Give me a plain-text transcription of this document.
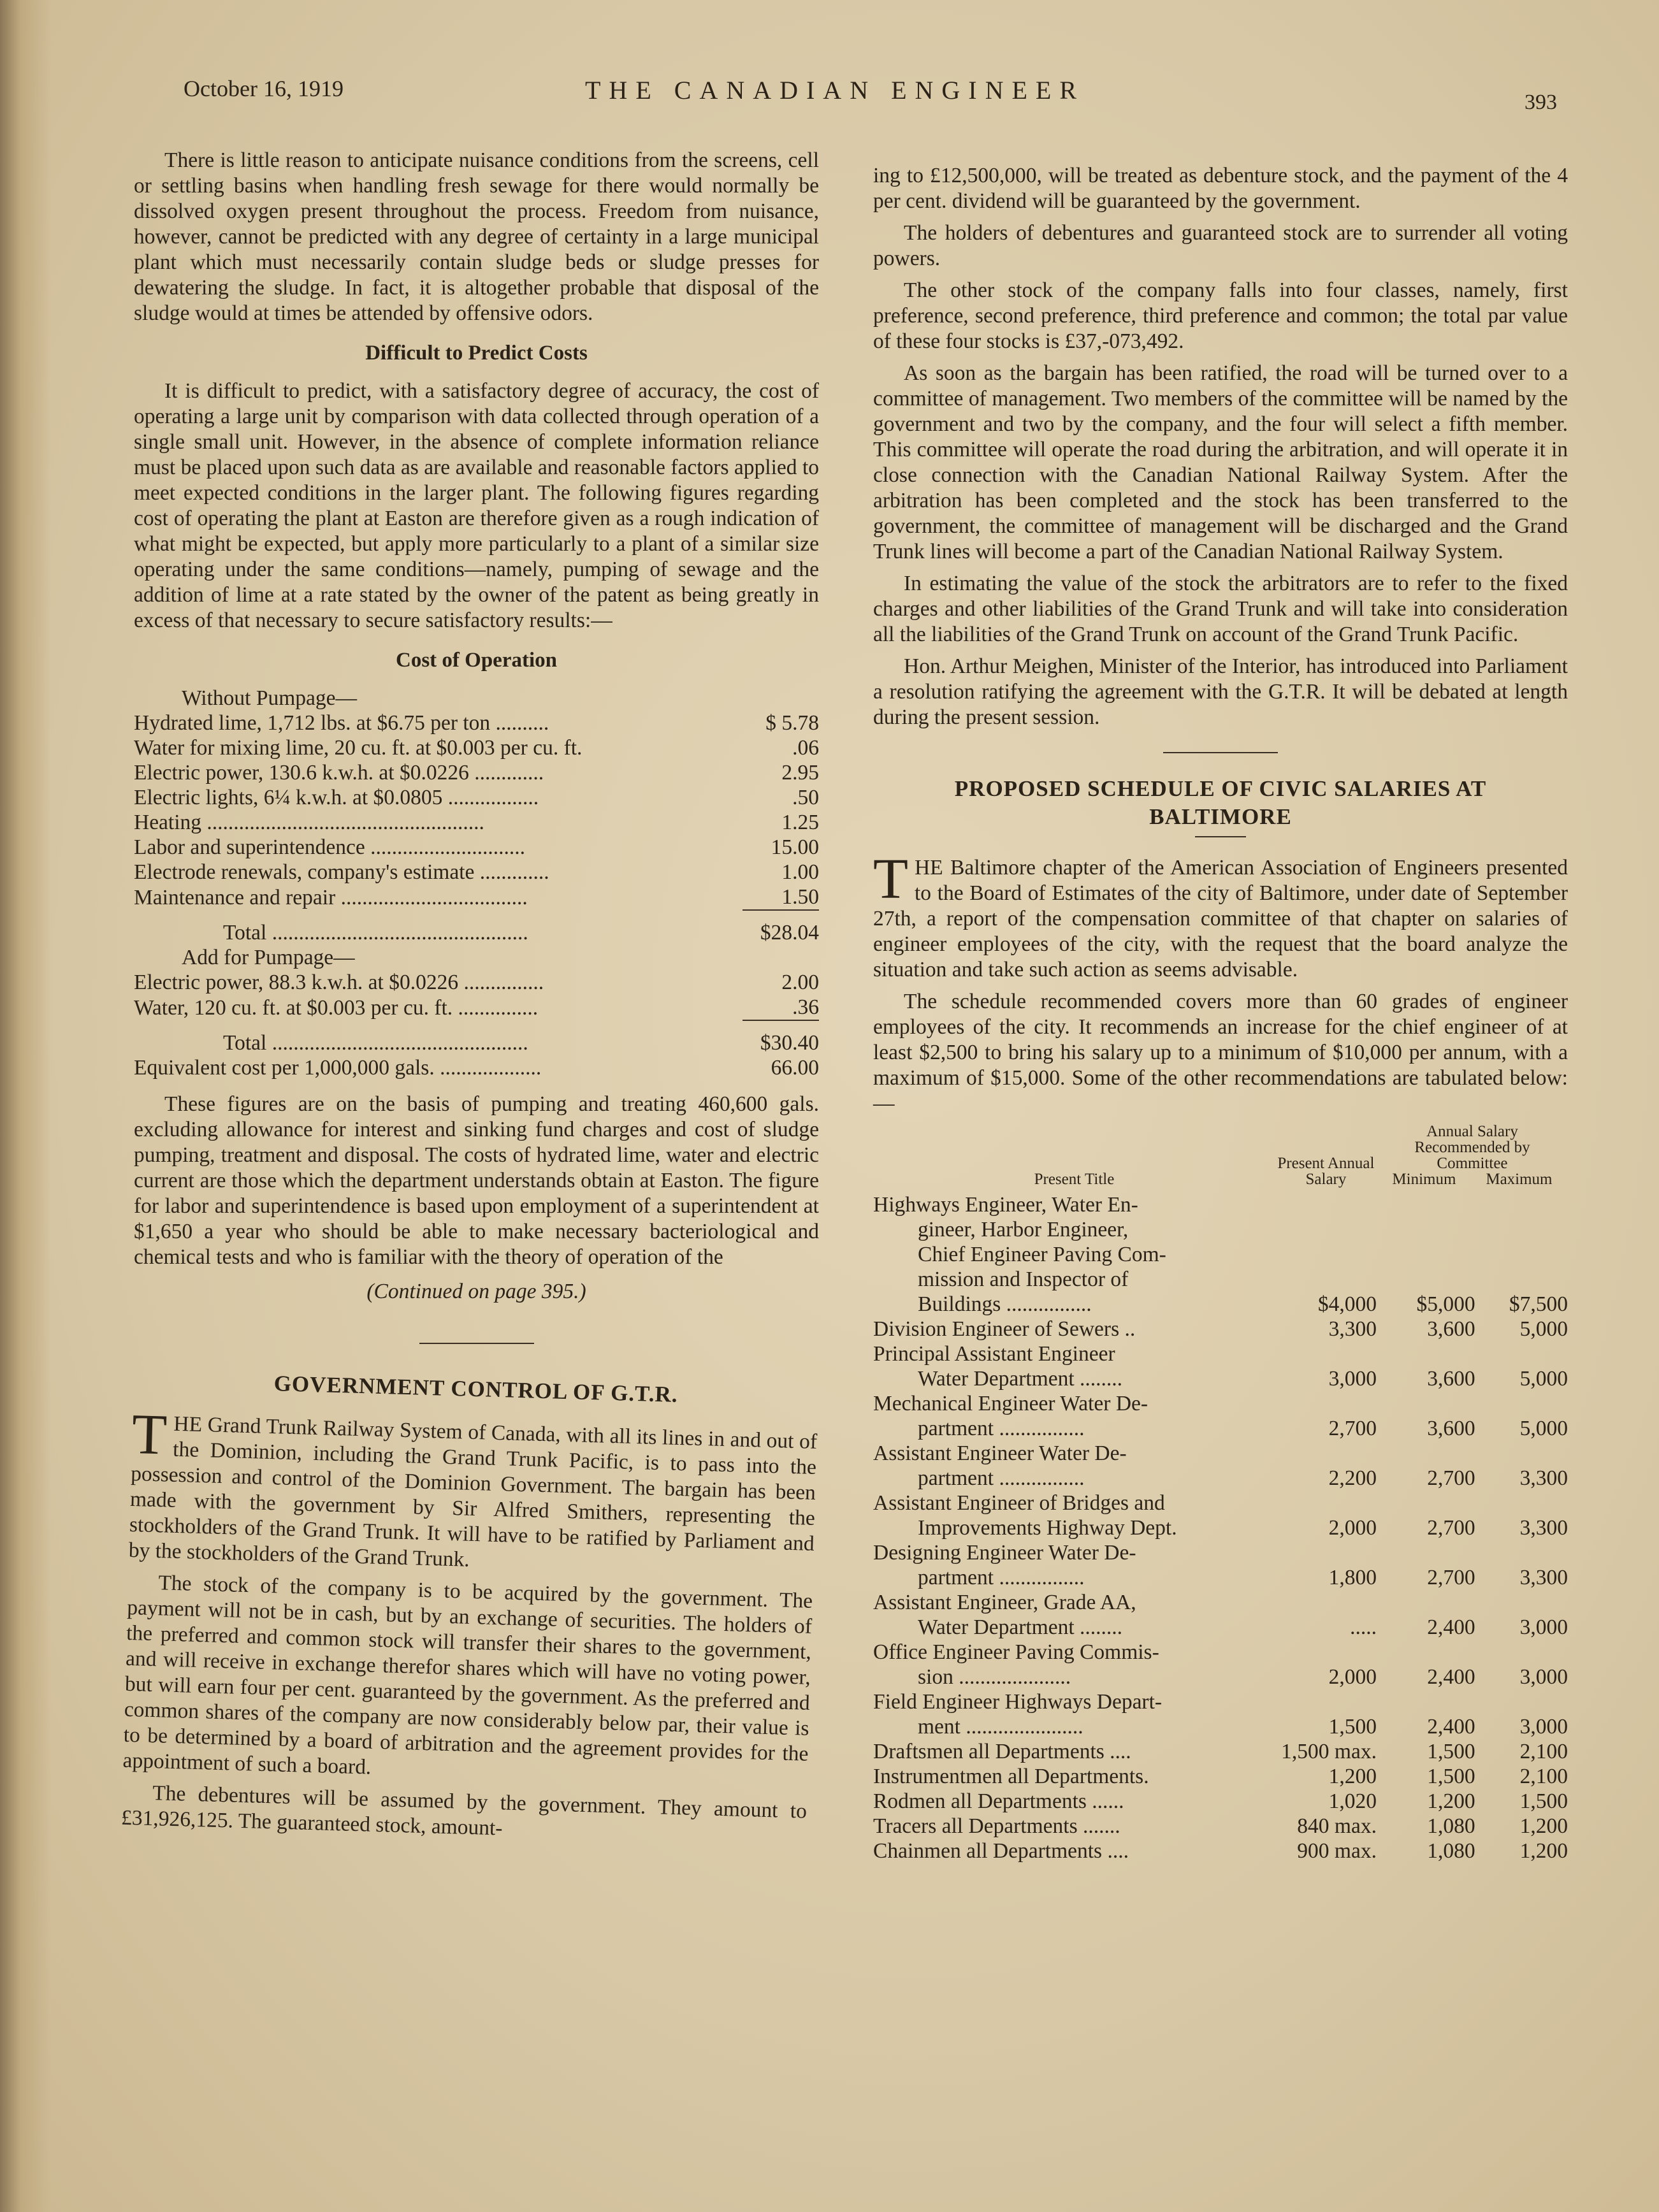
October 16, 1919	THE CANADIAN ENGINEER	393

There is little reason to anticipate nuisance conditions from the screens, cell or settling basins when handling fresh sewage for there would normally be dissolved oxygen present throughout the process. Freedom from nuisance, however, cannot be predicted with any degree of certainty in a large municipal plant which must necessarily contain sludge beds or sludge presses for dewatering the sludge. In fact, it is altogether probable that disposal of the sludge would at times be attended by offensive odors.

Difficult to Predict Costs

It is difficult to predict, with a satisfactory degree of accuracy, the cost of operating a large unit by comparison with data collected through operation of a single small unit. However, in the absence of complete information reliance must be placed upon such data as are available and reasonable factors applied to meet expected conditions in the larger plant. The following figures regarding cost of operating the plant at Easton are therefore given as a rough indication of what might be expected, but apply more particularly to a plant of a similar size operating under the same conditions—namely, pumping of sewage and the addition of lime at a rate stated by the owner of the patent as being greatly in excess of that necessary to secure satisfactory results:—

Cost of Operation
Without Pumpage—	
Hydrated lime, 1,712 lbs. at $6.75 per ton ..........	$ 5.78
Water for mixing lime, 20 cu. ft. at $0.003 per cu. ft.	.06
Electric power, 130.6 k.w.h. at $0.0226 .............	2.95
Electric lights, 6¼ k.w.h. at $0.0805 .................	.50
Heating ....................................................	1.25
Labor and superintendence .............................	15.00
Electrode renewals, company's estimate .............	1.00
Maintenance and repair ...................................	1.50
Total ................................................	$28.04
Add for Pumpage—	
Electric power, 88.3 k.w.h. at $0.0226 ...............	2.00
Water, 120 cu. ft. at $0.003 per cu. ft. ...............	.36
Total ................................................	$30.40
Equivalent cost per 1,000,000 gals. ...................	66.00

These figures are on the basis of pumping and treating 460,600 gals. excluding allowance for interest and sinking fund charges and cost of sludge pumping, treatment and disposal. The costs of hydrated lime, water and electric current are those which the department understands obtain at Easton. The figure for labor and superintendence is based upon employment of a superintendent at $1,650 a year who should be able to make necessary bacteriological and chemical tests and who is familiar with the theory of operation of the

(Continued on page 395.)
GOVERNMENT CONTROL OF G.T.R.

THE Grand Trunk Railway System of Canada, with all its lines in and out of the Dominion, including the Grand Trunk Pacific, is to pass into the possession and control of the Dominion Government. The bargain has been made with the government by Sir Alfred Smithers, representing the stockholders of the Grand Trunk. It will have to be ratified by Parliament and by the stockholders of the Grand Trunk.

The stock of the company is to be acquired by the government. The payment will not be in cash, but by an exchange of securities. The holders of the preferred and common stock will transfer their shares to the government, and will receive in exchange therefor shares which will have no voting power, but will earn four per cent. guaranteed by the government. As the preferred and common shares of the company are now considerably below par, their value is to be determined by a board of arbitration and the agreement provides for the appointment of such a board.

The debentures will be assumed by the government. They amount to £31,926,125. The guaranteed stock, amount-

ing to £12,500,000, will be treated as debenture stock, and the payment of the 4 per cent. dividend will be guaranteed by the government.

The holders of debentures and guaranteed stock are to surrender all voting powers.

The other stock of the company falls into four classes, namely, first preference, second preference, third preference and common; the total par value of these four stocks is £37,-073,492.

As soon as the bargain has been ratified, the road will be turned over to a committee of management. Two members of the committee will be named by the government and two by the company, and the four will select a fifth member. This committee will operate the road during the arbitration, and will operate it in close connection with the Canadian National Railway System. After the arbitration has been completed and the stock has been transferred to the government, the committee of management will be discharged and the Grand Trunk lines will become a part of the Canadian National Railway System.

In estimating the value of the stock the arbitrators are to refer to the fixed charges and other liabilities of the Grand Trunk and will take into consideration all the liabilities of the Grand Trunk on account of the Grand Trunk Pacific.

Hon. Arthur Meighen, Minister of the Interior, has introduced into Parliament a resolution ratifying the agreement with the G.T.R. It will be debated at length during the present session.

PROPOSED SCHEDULE OF CIVIC SALARIES AT BALTIMORE

THE Baltimore chapter of the American Association of Engineers presented to the Board of Estimates of the city of Baltimore, under date of September 27th, a report of the compensation committee of that chapter on salaries of engineer employees of the city, with the request that the board analyze the situation and take such action as seems advisable.

The schedule recommended covers more than 60 grades of engineer employees of the city. It recommends an increase for the chief engineer of at least $2,500 to bring his salary up to a minimum of $10,000 per annum, with a maximum of $15,000. Some of the other recommendations are tabulated below:—

Present Title	Present Annual Salary	Annual Salary Recommended by Committee
Minimum Maximum	

Highways Engineer, Water En-			
gineer, Harbor Engineer,			
Chief Engineer Paving Com-			
mission and Inspector of			
Buildings ................	$4,000	$5,000	$7,500
Division Engineer of Sewers ..	3,300	3,600	5,000
Principal Assistant Engineer			
Water Department ........	3,000	3,600	5,000
Mechanical Engineer Water De-			
partment ................	2,700	3,600	5,000
Assistant Engineer Water De-			
partment ................	2,200	2,700	3,300
Assistant Engineer of Bridges and			
Improvements Highway Dept.	2,000	2,700	3,300
Designing Engineer Water De-			
partment ................	1,800	2,700	3,300
Assistant Engineer, Grade AA,			
Water Department ........	.....	2,400	3,000
Office Engineer Paving Commis-			
sion .....................	2,000	2,400	3,000
Field Engineer Highways Depart-			
ment ......................	1,500	2,400	3,000
Draftsmen all Departments ....	1,500 max.	1,500	2,100
Instrumentmen all Departments.	1,200	1,500	2,100
Rodmen all Departments ......	1,020	1,200	1,500
Tracers all Departments .......	840 max.	1,080	1,200
Chainmen all Departments ....	900 max.	1,080	1,200
